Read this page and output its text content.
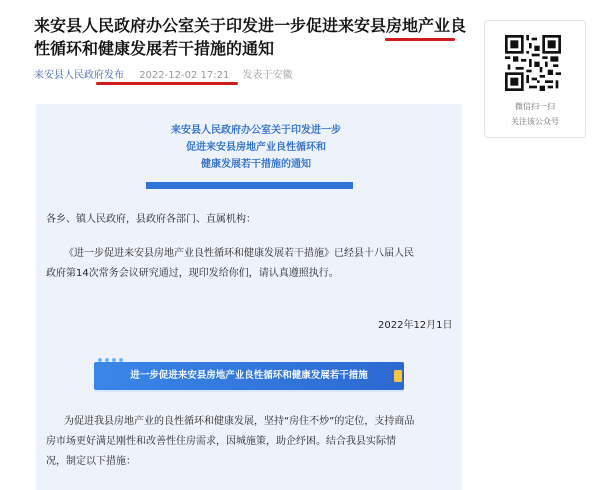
来安县人民政府办公室关于印发进一步促进来安县房地产业良性循环和健康发展若干措施的通知
来安县人民政府发布 2022-12-02 17:21 发表于安徽
微信扫一扫
关注该公众号
来安县人民政府办公室关于印发进一步
促进来安县房地产业良性循环和
健康发展若干措施的通知
各乡、镇人民政府，县政府各部门、直属机构：
《进一步促进来安县房地产业良性循环和健康发展若干措施》已经县十八届人民
政府第14次常务会议研究通过，现印发给你们，请认真遵照执行。
2022年12月1日
进一步促进来安县房地产业良性循环和健康发展若干措施
为促进我县房地产业的良性循环和健康发展，坚持“房住不炒”的定位，支持商品
房市场更好满足刚性和改善性住房需求，因城施策，助企纾困。结合我县实际情
况，制定以下措施：
